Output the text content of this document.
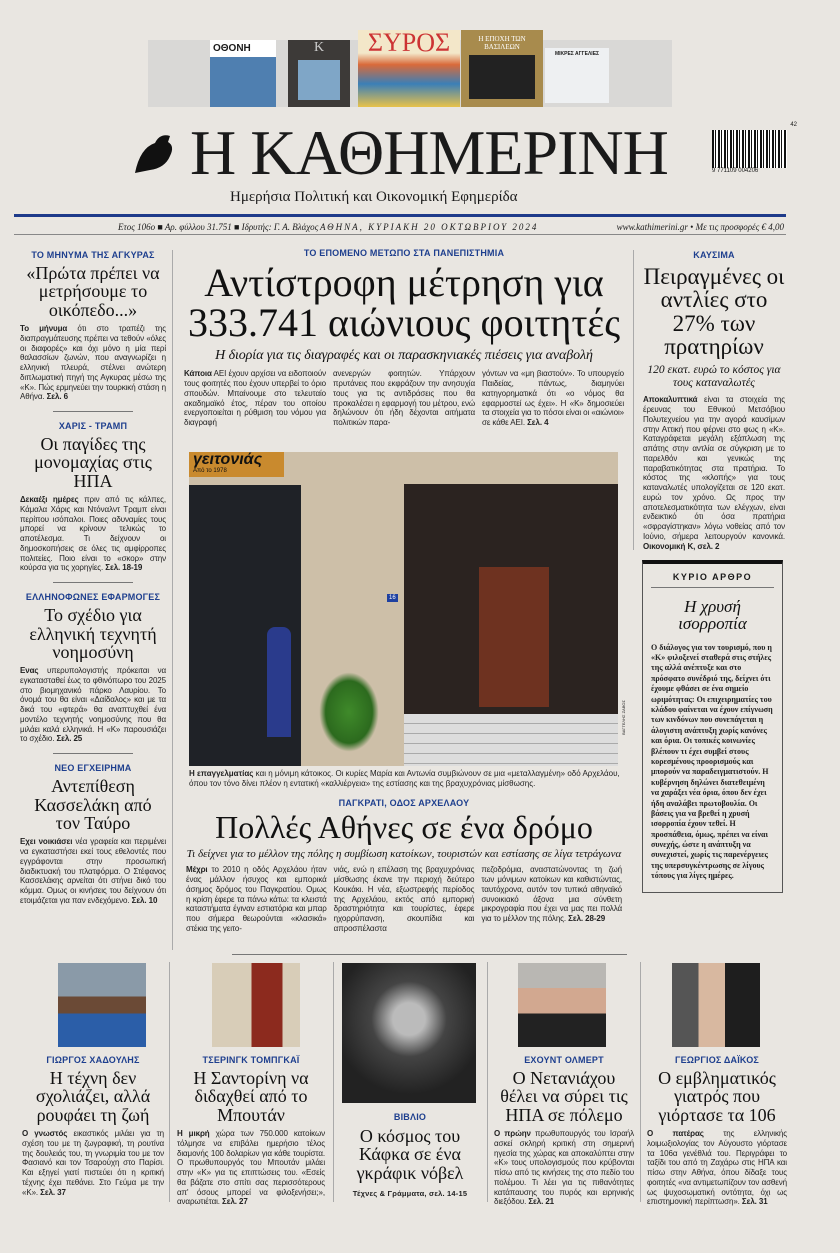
ΟΘΟΝΗ	Κ	ΣΥΡΟΣ	Η ΕΠΟΧΗ ΤΩΝ ΒΑΣΙΛΕΩΝ
ΜΙΚΡΕΣ ΑΓΓΕΛΙΕΣ
Η ΚΑΘΗΜΕΡΙΝΗ
Ημερήσια Πολιτική και Οικονομική Εφημερίδα
9 771109 004206
42
Ετος 106ο ■ Αρ. φύλλου 31.751 ■ Ιδρυτής: Γ. Α. Βλάχος ΑΘΗΝΑ, ΚΥΡΙΑΚΗ 20 ΟΚΤΩΒΡΙΟΥ 2024	www.kathimerini.gr • Με τις προσφορές € 4,00
ΤΟ ΜΗΝΥΜΑ ΤΗΣ ΑΓΚΥΡΑΣ
«Πρώτα πρέπει να μετρήσουμε το οικόπεδο...»

Το μήνυμα ότι στο τραπέζι της διαπραγμάτευσης πρέπει να τεθούν «όλες οι διαφορές» και όχι μόνο η μία περί θαλασσίων ζωνών, που αναγνωρίζει η ελληνική πλευρά, στέλνει ανώτερη διπλωματική πηγή της Αγκυρας μέσω της «Κ». Πώς ερμηνεύει την τουρκική στάση η Αθήνα. Σελ. 6

ΧΑΡΙΣ - ΤΡΑΜΠ
Οι παγίδες της μονομαχίας στις ΗΠΑ

Δεκαέξι ημέρες πριν από τις κάλπες, Κάμαλα Χάρις και Ντόναλντ Τραμπ είναι περίπου ισόπαλοι. Ποιες αδυναμίες τους μπορεί να κρίνουν τελικώς το αποτέλεσμα. Τι δείχνουν οι δημοσκοπήσεις σε όλες τις αμφίρροπες πολιτείες. Ποιο είναι το «σκορ» στην κούρσα για τις χορηγίες. Σελ. 18-19

ΕΛΛΗΝΟΦΩΝΕΣ ΕΦΑΡΜΟΓΕΣ
Το σχέδιο για ελληνική τεχνητή νοημοσύνη

Ενας υπερυπολογιστής πρόκειται να εγκατασταθεί έως το φθινόπωρο του 2025 στο βιομηχανικό πάρκο Λαυρίου. Το όνομά του θα είναι «Δαίδαλος» και με τα δικά του «φτερά» θα αναπτυχθεί ένα μοντέλο τεχνητής νοημοσύνης που θα μιλάει καλά ελληνικά. Η «Κ» παρουσιάζει το σχέδιο. Σελ. 25

ΝΕΟ ΕΓΧΕΙΡΗΜΑ
Αντεπίθεση Κασσελάκη από τον Ταύρο

Εχει νοικιάσει νέα γραφεία και περιμένει να εγκαταστήσει εκεί τους εθελοντές που εγγράφονται στην προσωπική διαδικτυακή του πλατφόρμα. Ο Στέφανος Κασσελάκης αρνείται ότι στήνει δικό του κόμμα. Ομως οι κινήσεις του δείχνουν ότι ετοιμάζεται για παν ενδεχόμενο. Σελ. 10

ΤΟ ΕΠΟΜΕΝΟ ΜΕΤΩΠΟ ΣΤΑ ΠΑΝΕΠΙΣΤΗΜΙΑ
Αντίστροφη μέτρηση για
333.741 αιώνιους φοιτητές
Η διορία για τις διαγραφές και οι παρασκηνιακές πιέσεις για αναβολή

Κάποια ΑΕΙ έχουν αρχίσει να ειδοποιούν τους φοιτητές που έχουν υπερβεί το όριο σπουδών. Μπαίνουμε στο τελευταίο ακαδημαϊκό έτος, πέραν του οποίου ενεργοποιείται η ρύθμιση του νόμου για διαγραφή

ανενεργών φοιτητών. Υπάρχουν πρυτάνεις που εκφράζουν την ανησυχία τους για τις αντιδράσεις που θα προκαλέσει η εφαρμογή του μέτρου, ενώ δηλώνουν ότι ήδη δέχονται αιτήματα πολιτικών παρα-

γόντων να «μη βιαστούν». Το υπουργείο Παιδείας, πάντως, διαμηνύει κατηγορηματικά ότι «ο νόμος θα εφαρμοστεί ως έχει». Η «Κ» δημοσιεύει τα στοιχεία για το πόσοι είναι οι «αιώνιοι» σε κάθε ΑΕΙ. Σελ. 4

γειτονιάς
Από το 1978
16
ΒΑΓΓΕΛΗΣ ΖΑΒΟΣ

Η επαγγελματίας και η μόνιμη κάτοικος. Οι κυρίες Μαρία και Αντωνία συμβιώνουν σε μια «μεταλλαγμένη» οδό Αρχελάου, όπου τον τόνο δίνει πλέον η εντατική «καλλιέργεια» της εστίασης και της βραχυχρόνιας μίσθωσης.

ΠΑΓΚΡΑΤΙ, ΟΔΟΣ ΑΡΧΕΛΑΟΥ
Πολλές Αθήνες σε ένα δρόμο
Τι δείχνει για το μέλλον της πόλης η συμβίωση κατοίκων, τουριστών και εστίασης σε λίγα τετράγωνα

Μέχρι το 2010 η οδός Αρχελάου ήταν ένας μάλλον ήσυχος και εμπορικά άσημος δρόμος του Παγκρατίου. Ομως η κρίση έφερε τα πάνω κάτω: τα κλειστά καταστήματα έγιναν εστιατόρια και μπαρ που σήμερα θεωρούνται «κλασικά» στέκια της γειτο-

νιάς, ενώ η επέλαση της βραχυχρόνιας μίσθωσης έκανε την περιοχή δεύτερο Κουκάκι. Η νέα, εξωστρεφής περίοδος της Αρχελάου, εκτός από εμπορική δραστηριότητα και τουρίστες, έφερε ηχορρύπανση, σκουπίδια και απροσπέλαστα

πεζοδρόμια, αναστατώνοντας τη ζωή των μόνιμων κατοίκων και καθιστώντας, ταυτόχρονα, αυτόν τον τυπικά αθηναϊκό συνοικιακό άξονα μια σύνθετη μικρογραφία που έχει να μας πει πολλά για το μέλλον της πόλης. Σελ. 28-29

ΚΑΥΣΙΜΑ
Πειραγμένες οι αντλίες στο 27% των πρατηρίων
120 εκατ. ευρώ το κόστος για τους καταναλωτές

Αποκαλυπτικά είναι τα στοιχεία της έρευνας του Εθνικού Μετσόβιου Πολυτεχνείου για την αγορά καυσίμων στην Αττική που φέρνει στο φως η «Κ». Καταγράφεται μεγάλη εξάπλωση της απάτης στην αντλία σε σύγκριση με το παρελθόν και γενικώς της παραβατικότητας στα πρατήρια. Το κόστος της «κλοπής» για τους καταναλωτές υπολογίζεται σε 120 εκατ. ευρώ τον χρόνο. Ως προς την αποτελεσματικότητα των ελέγχων, είναι ενδεικτικό ότι όσα πρατήρια «σφραγίστηκαν» λόγω νοθείας από τον Ιούνιο, σήμερα λειτουργούν κανονικά. Οικονομική Κ, σελ. 2

ΚΥΡΙΟ ΑΡΘΡΟ
Η χρυσή ισορροπία

Ο διάλογος για τον τουρισμό, που η «Κ» φιλοξενεί σταθερά στις στήλες της αλλά ανέπτυξε και στο πρόσφατο συνέδριό της, δείχνει ότι έχουμε φθάσει σε ένα σημείο ωριμότητας: Οι επιχειρηματίες του κλάδου φαίνεται να έχουν επίγνωση των κινδύνων που συνεπάγεται η άλογιστη ανάπτυξη χωρίς κανόνες και όρια. Οι τοπικές κοινωνίες βλέπουν τι έχει συμβεί στους κορεσμένους προορισμούς και μπορούν να παραδειγματιστούν. Η κυβέρνηση δηλώνει διατεθειμένη να χαράξει νέα όρια, όπου δεν έχει ήδη αναλάβει πρωτοβουλία. Οι βάσεις για να βρεθεί η χρυσή ισορροπία έχουν τεθεί. Η προσπάθεια, όμως, πρέπει να είναι συνεχής, ώστε η ανάπτυξη να συνεχιστεί, χωρίς τις παρενέργειες της υπερσυγκέντρωσης σε λίγους τόπους για λίγες ημέρες.

ΓΙΩΡΓΟΣ ΧΑΔΟΥΛΗΣ
Η τέχνη δεν σχολιάζει, αλλά ρουφάει τη ζωή

Ο γνωστός εικαστικός μιλάει για τη σχέση του με τη ζωγραφική, τη ρουτίνα της δουλειάς του, τη γνωριμία του με τον Φασιανό και τον Τσαρούχη στο Παρίσι. Και εξηγεί γιατί πιστεύει ότι η κριτική τέχνης έχει πεθάνει. Στο Γεύμα με την «Κ». Σελ. 37

ΤΣΕΡΙΝΓΚ ΤΟΜΠΓΚΑΪ
Η Σαντορίνη να διδαχθεί από το Μπουτάν

Η μικρή χώρα των 750.000 κατοίκων τόλμησε να επιβάλει ημερήσιο τέλος διαμονής 100 δολαρίων για κάθε τουρίστα. Ο πρωθυπουργός του Μπουτάν μιλάει στην «Κ» για τις επιπτώσεις του. «Εσείς θα βάζατε στο σπίτι σας περισσότερους απ' όσους μπορεί να φιλοξενήσει;», αναρωτιέται. Σελ. 27

ΒΙΒΛΙΟ
Ο κόσμος του Κάφκα σε ένα γκράφικ νόβελ
Τέχνες & Γράμματα, σελ. 14-15
ΕΧΟΥΝΤ ΟΛΜΕΡΤ
Ο Νετανιάχου θέλει να σύρει τις ΗΠΑ σε πόλεμο

Ο πρώην πρωθυπουργός του Ισραήλ ασκεί σκληρή κριτική στη σημερινή ηγεσία της χώρας και αποκαλύπτει στην «Κ» τους υπολογισμούς που κρύβονται πίσω από τις κινήσεις της στο πεδίο του πολέμου. Τι λέει για τις πιθανότητες κατάπαυσης του πυρός και ειρηνικής διεξόδου. Σελ. 21

ΓΕΩΡΓΙΟΣ ΔΑΪΚΟΣ
Ο εμβληματικός γιατρός που γιόρτασε τα 106

Ο πατέρας της ελληνικής λοιμωξιολογίας τον Αύγουστο γιόρτασε τα 106α γενέθλιά του. Περιγράφει το ταξίδι του από τη Ζαχάρω στις ΗΠΑ και πίσω στην Αθήνα, όπου δίδαξε τους φοιτητές «να αντιμετωπίζουν τον ασθενή ως ψυχοσωματική οντότητα, όχι ως επιστημονική περίπτωση». Σελ. 31
